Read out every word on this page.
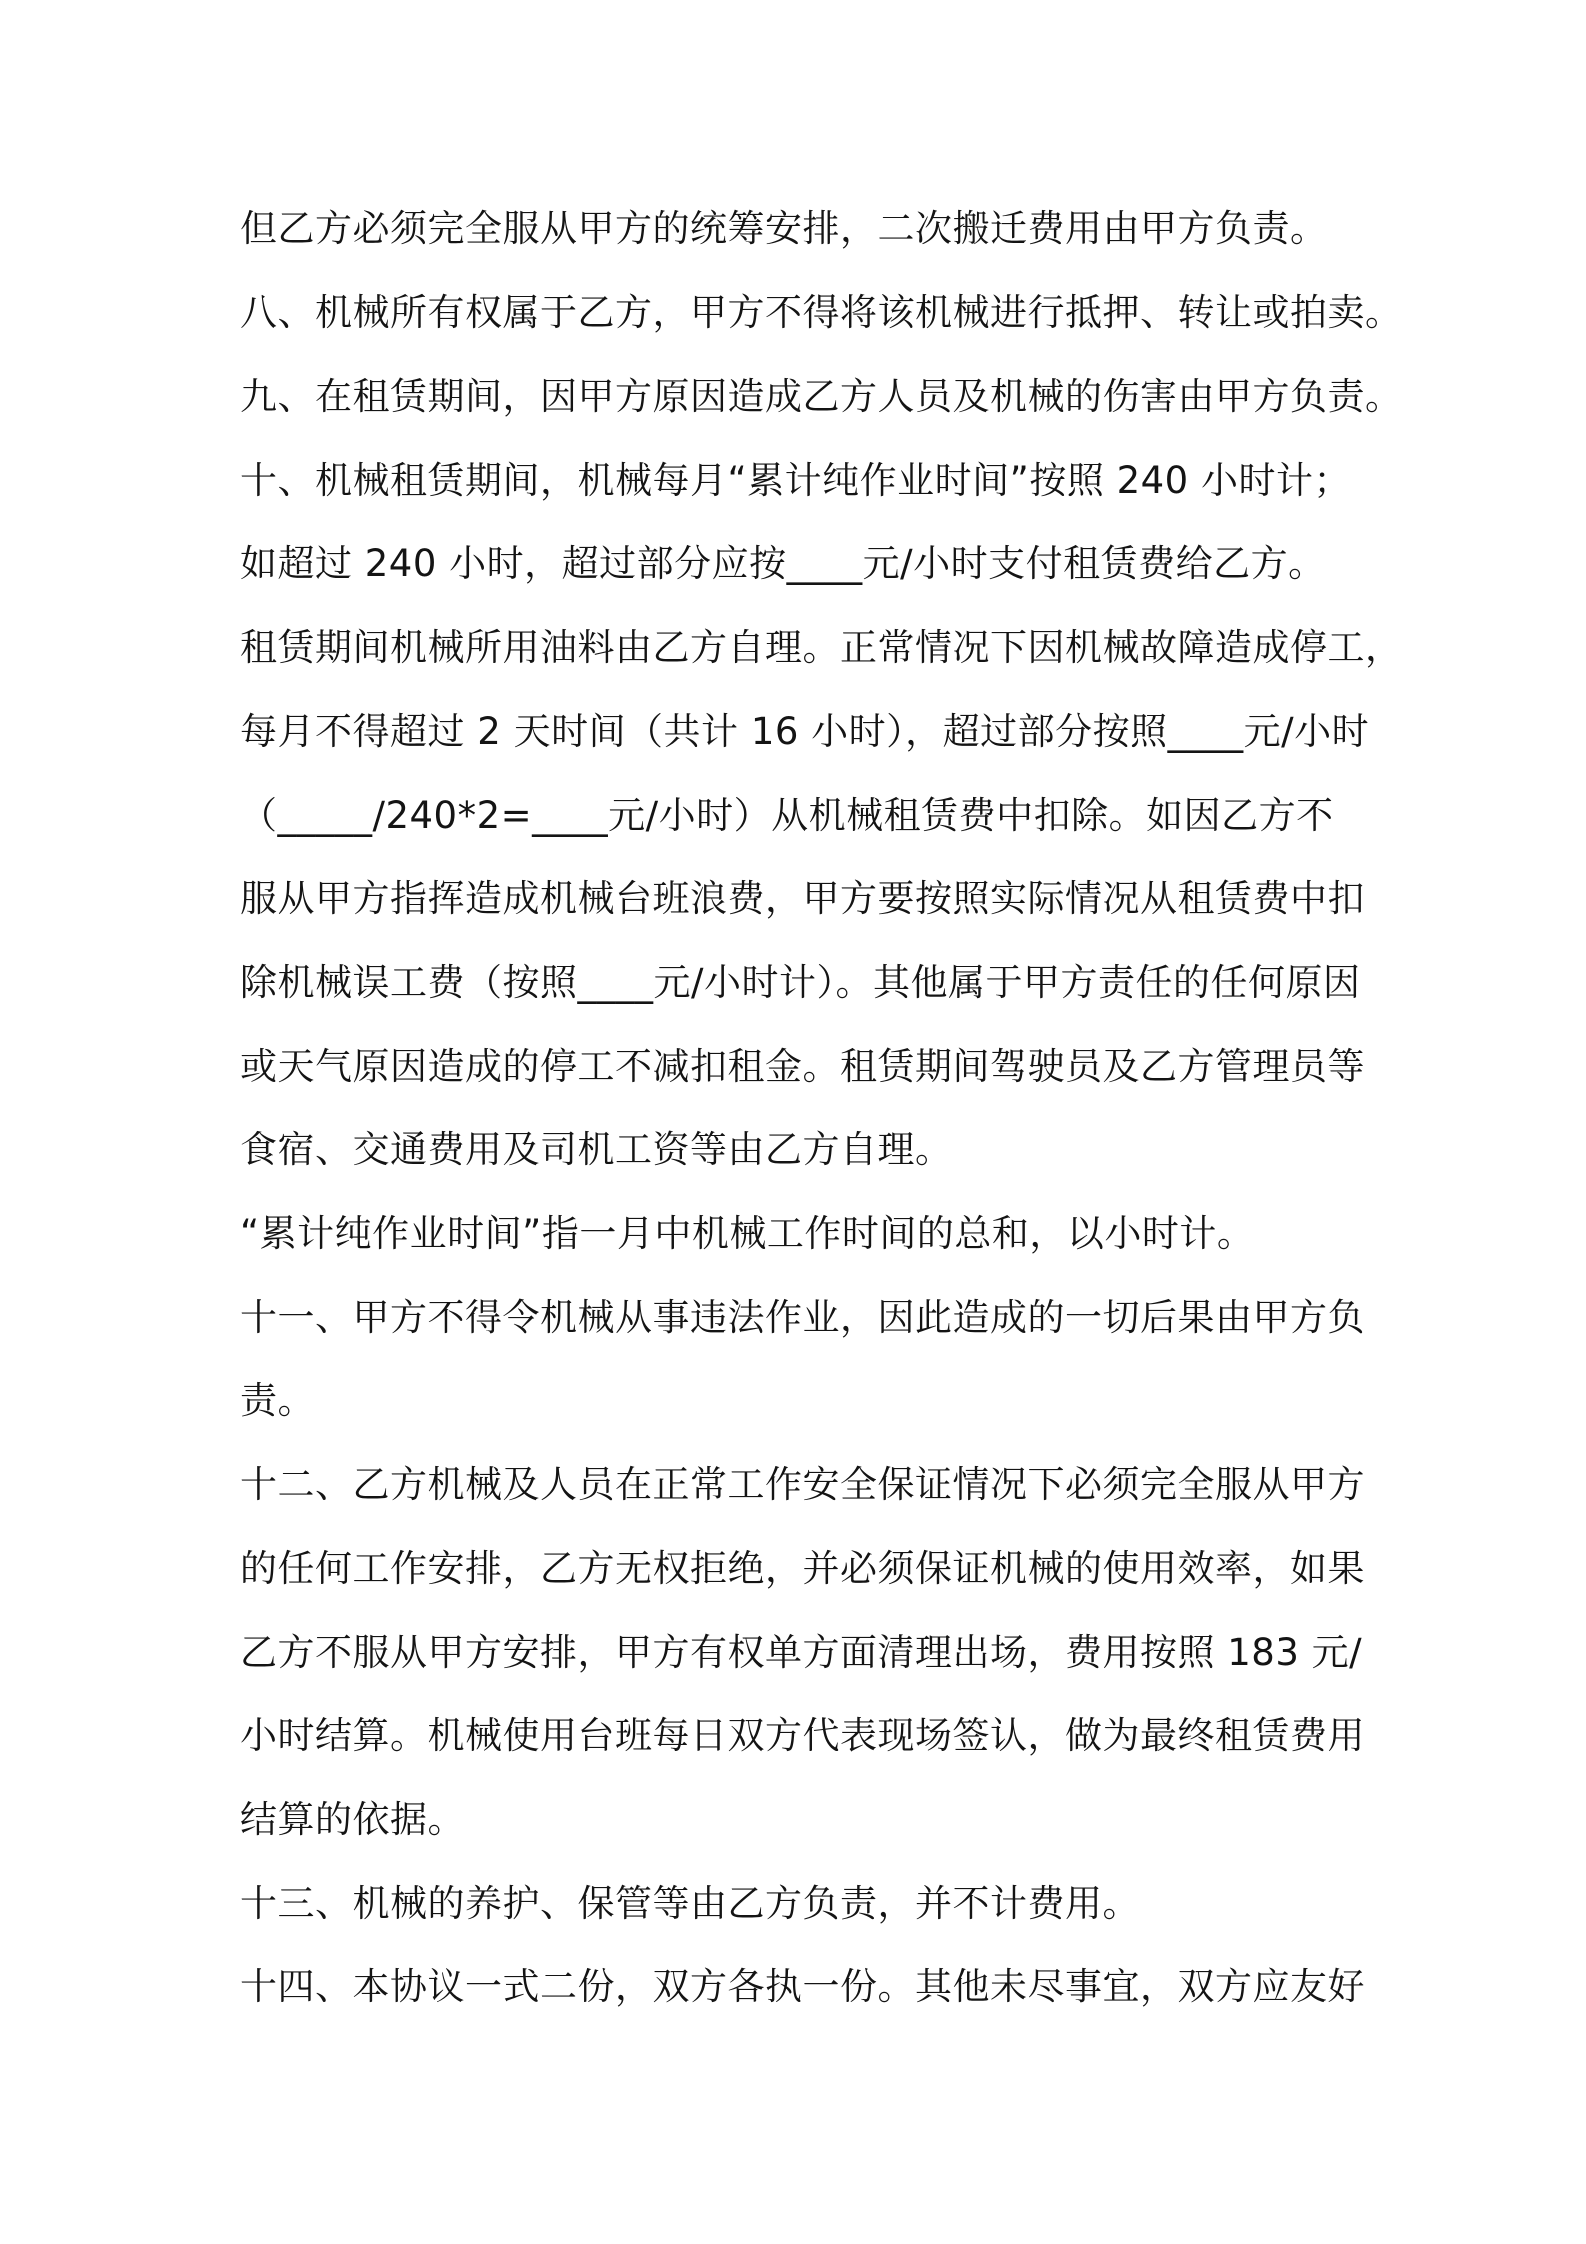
但乙方必须完全服从甲方的统筹安排，二次搬迁费用由甲方负责。
八、机械所有权属于乙方，甲方不得将该机械进行抵押、转让或拍卖。
九、在租赁期间，因甲方原因造成乙方人员及机械的伤害由甲方负责。
十、机械租赁期间，机械每月“累计纯作业时间”按照 240 小时计；
如超过 240 小时，超过部分应按____元/小时支付租赁费给乙方。
租赁期间机械所用油料由乙方自理。正常情况下因机械故障造成停工，
每月不得超过 2 天时间（共计 16 小时），超过部分按照____元/小时
（_____/240*2=____元/小时）从机械租赁费中扣除。如因乙方不
服从甲方指挥造成机械台班浪费，甲方要按照实际情况从租赁费中扣
除机械误工费（按照____元/小时计）。其他属于甲方责任的任何原因
或天气原因造成的停工不减扣租金。租赁期间驾驶员及乙方管理员等
食宿、交通费用及司机工资等由乙方自理。
“累计纯作业时间”指一月中机械工作时间的总和，以小时计。
十一、甲方不得令机械从事违法作业，因此造成的一切后果由甲方负
责。
十二、乙方机械及人员在正常工作安全保证情况下必须完全服从甲方
的任何工作安排，乙方无权拒绝，并必须保证机械的使用效率，如果
乙方不服从甲方安排，甲方有权单方面清理出场，费用按照 183 元/
小时结算。机械使用台班每日双方代表现场签认，做为最终租赁费用
结算的依据。
十三、机械的养护、保管等由乙方负责，并不计费用。
十四、本协议一式二份，双方各执一份。其他未尽事宜，双方应友好
